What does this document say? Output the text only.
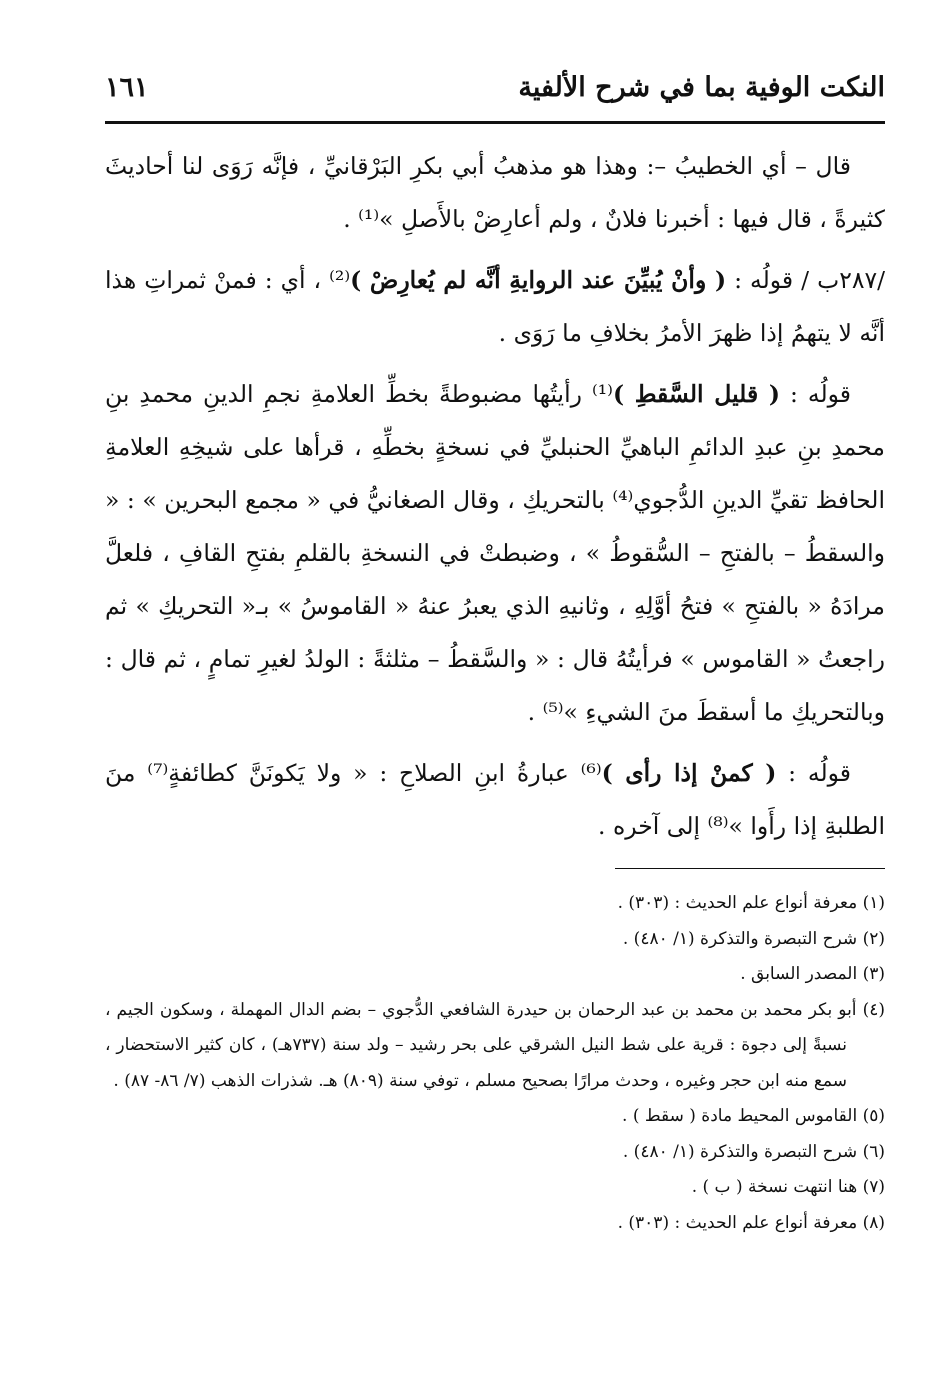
النكت الوفية بما في شرح الألفية
١٦١

قال – أي الخطيبُ –: وهذا هو مذهبُ أبي بكرِ البَرْقانيِّ ، فإنَّه رَوَى لنا أحاديثَ كثيرةً ، قال فيها : أخبرنا فلانٌ ، ولم أعارِضْ بالأَصلِ »⁽¹⁾ .

/٢٨٧ب / قولُه : ( وأنْ يُبيِّنَ عند الروايةِ أنَّه لم يُعارِضْ )⁽²⁾ ، أي : فمنْ ثمراتِ هذا أنَّه لا يتهمُ إذا ظهرَ الأمرُ بخلافِ ما رَوَى .

قولُه : ( قليل السَّقطِ )⁽¹⁾ رأيتُها مضبوطةً بخطِّ العلامةِ نجمِ الدينِ محمدِ بنِ محمدِ بنِ عبدِ الدائمِ الباهيِّ الحنبليِّ في نسخةٍ بخطِّهِ ، قرأها على شيخِهِ العلامةِ الحافظ تقيِّ الدينِ الدُّجوي⁽⁴⁾ بالتحريكِ ، وقال الصغانيُّ في « مجمع البحرين » : « والسقطُ – بالفتحِ – السُّقوطُ » ، وضبطتْ في النسخةِ بالقلمِ بفتحِ القافِ ، فلعلَّ مرادَهُ « بالفتحِ » فتحُ أوَّلِهِ ، وثانيهِ الذي يعبرُ عنهُ « القاموسُ » بـ« التحريكِ » ثم راجعتُ « القاموس » فرأيتُهُ قال : « والسَّقطُ – مثلثةً : الولدُ لغيرِ تمامٍ ، ثم قال : وبالتحريكِ ما أسقطَ منَ الشيءِ »⁽⁵⁾ .

قولُه : ( كمنْ إذا رأى )⁽⁶⁾ عبارةُ ابنِ الصلاحِ : « ولا يَكونَنَّ كطائفةٍ⁽⁷⁾ منَ الطلبةِ إذا رأَوا »⁽⁸⁾ إلى آخره .

(١) معرفة أنواع علم الحديث : (٣٠٣) .

(٢) شرح التبصرة والتذكرة (١/ ٤٨٠) .

(٣) المصدر السابق .

(٤) أبو بكر محمد بن محمد بن عبد الرحمان بن حيدرة الشافعي الدُّجوي – بضم الدال المهملة ، وسكون الجيم ، نسبةً إلى دجوة : قرية على شط النيل الشرقي على بحر رشيد – ولد سنة (٧٣٧هـ) ، كان كثير الاستحضار ، سمع منه ابن حجر وغيره ، وحدث مرارًا بصحيح مسلم ، توفي سنة (٨٠٩) هـ. شذرات الذهب (٧/ ٨٦- ٨٧) .

(٥) القاموس المحيط مادة ( سقط ) .

(٦) شرح التبصرة والتذكرة (١/ ٤٨٠) .

(٧) هنا انتهت نسخة ( ب ) .

(٨) معرفة أنواع علم الحديث : (٣٠٣) .
